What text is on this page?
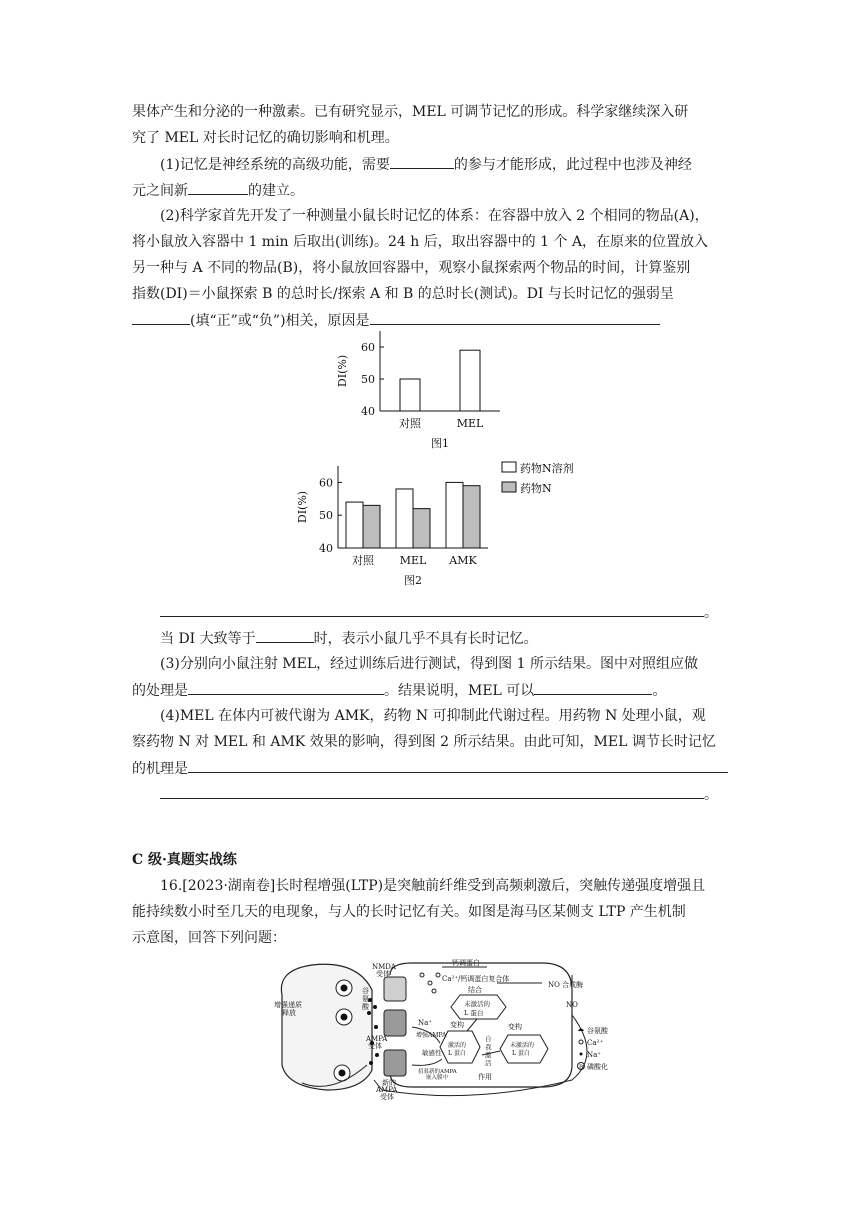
果体产生和分泌的一种激素。已有研究显示，MEL 可调节记忆的形成。科学家继续深入研
究了 MEL 对长时记忆的确切影响和机理。
(1)记忆是神经系统的高级功能，需要	的参与才能形成，此过程中也涉及神经
元之间新	的建立。
(2)科学家首先开发了一种测量小鼠长时记忆的体系：在容器中放入 2 个相同的物品(A)，
将小鼠放入容器中 1 min 后取出(训练)。24 h 后，取出容器中的 1 个 A，在原来的位置放入
另一种与 A 不同的物品(B)，将小鼠放回容器中，观察小鼠探索两个物品的时间，计算鉴别
指数(DI)＝小鼠探索 B 的总时长/探索 A 和 B 的总时长(测试)。DI 与长时记忆的强弱呈
(填“正”或“负”)相关，原因是
40
50
60
DI(%)
对照	MEL
图1
40
50
60
DI(%)
对照 MEL AMK
图2
药物N溶剂
药物N
。
当 DI 大致等于	时，表示小鼠几乎不具有长时记忆。
(3)分别向小鼠注射 MEL，经过训练后进行测试，得到图 1 所示结果。图中对照组应做
的处理是	。结果说明，MEL 可以	。
(4)MEL 在体内可被代谢为 AMK，药物 N 可抑制此代谢过程。用药物 N 处理小鼠，观
察药物 N 对 MEL 和 AMK 效果的影响，得到图 2 所示结果。由此可知，MEL 调节长时记忆
的机理是
。
C 级·真题实战练
16.[2023·湖南卷]长时程增强(LTP)是突触前纤维受到高频刺激后，突触传递强度增强且
能持续数小时至几天的电现象，与人的长时记忆有关。如图是海马区某侧支 LTP 产生机制
示意图，回答下列问题：
NMDA
受体
钙调蛋白
Ca²⁺/钙调蛋白复合体
结合
未激活的
L 蛋白
NO 合成酶
NO
谷
氨
酸
Na⁺
AMPA
受体
变构	变构
增强AMPA
敏感性
激活的
L 蛋白
自
我
激
活
未激活的
L 蛋白
招募新的AMPA
嵌入膜中	作用
新的
AMPA
受体
增强递质
释放
谷氨酸
Ca²⁺
Na⁺
P 磷酸化
